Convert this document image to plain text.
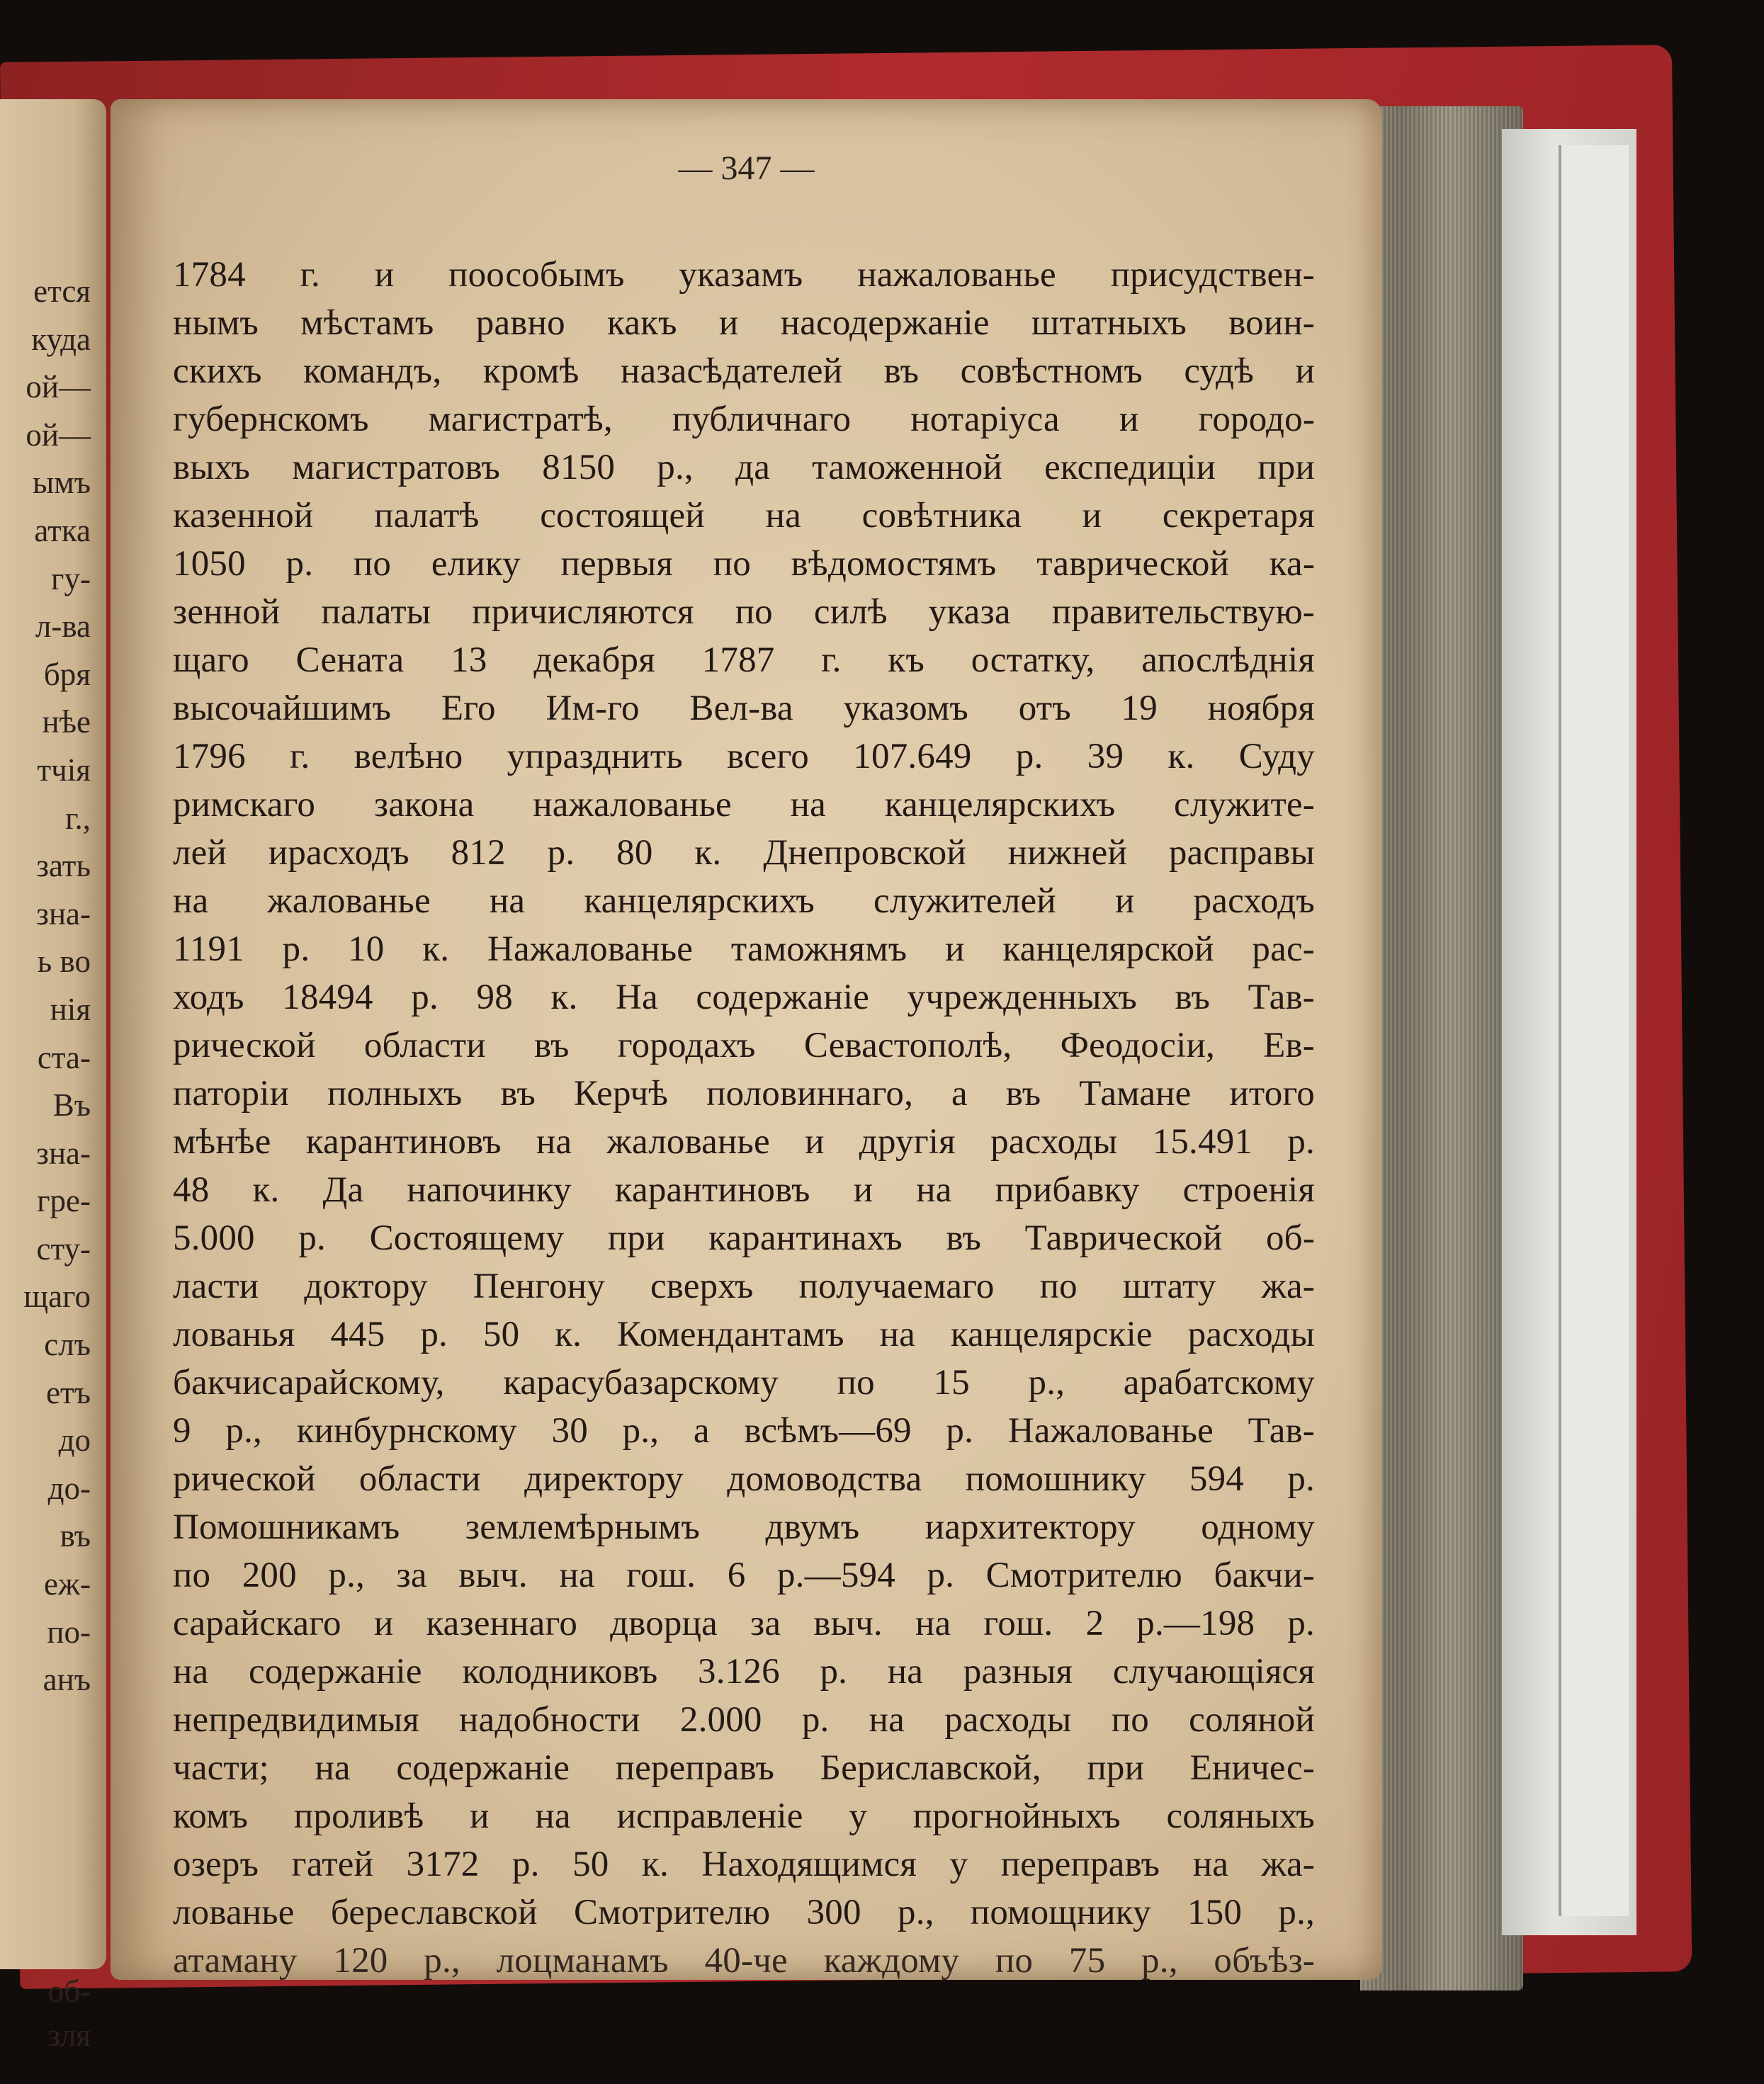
ется
куда
ой—
ой—
ымъ
атка
гу-
л-ва
бря
нѣе
тчія
г.,
зать
зна-
ь во
нія
ста-
Въ
зна-
гре-
сту-
щаго
слъ
етъ
до
до-
въ
еж-
по-
анъ
об-
зля
— 347 —
1784 г. и поособымъ указамъ нажалованье присудствен-
нымъ мѣстамъ равно какъ и насодержаніе штатныхъ воин-
скихъ командъ, кромѣ назасѣдателей въ совѣстномъ судѣ и
губернскомъ магистратѣ, публичнаго нотаріуса и городо-
выхъ магистратовъ 8150 р., да таможенной експедиціи при
казенной палатѣ состоящей на совѣтника и секретаря
1050 р. по елику первыя по вѣдомостямъ таврической ка-
зенной палаты причисляются по силѣ указа правительствую-
щаго Сената 13 декабря 1787 г. къ остатку, апослѣднія
высочайшимъ Его Им-го Вел-ва указомъ отъ 19 ноября
1796 г. велѣно упразднить всего 107.649 р. 39 к. Суду
римскаго закона нажалованье на канцелярскихъ служите-
лей ирасходъ 812 р. 80 к. Днепровской нижней расправы
на жалованье на канцелярскихъ служителей и расходъ
1191 р. 10 к. Нажалованье таможнямъ и канцелярской рас-
ходъ 18494 р. 98 к. На содержаніе учрежденныхъ въ Тав-
рической области въ городахъ Севастополѣ, Феодосіи, Ев-
паторіи полныхъ въ Керчѣ половиннаго, а въ Тамане итого
мѣнѣе карантиновъ на жалованье и другія расходы 15.491 р.
48 к. Да напочинку карантиновъ и на прибавку строенія
5.000 р. Состоящему при карантинахъ въ Таврической об-
ласти доктору Пенгону сверхъ получаемаго по штату жа-
лованья 445 р. 50 к. Комендантамъ на канцелярскіе расходы
бакчисарайскому, карасубазарскому по 15 р., арабатскому
9 р., кинбурнскому 30 р., а всѣмъ—69 р. Нажалованье Тав-
рической области директору домоводства помошнику 594 р.
Помошникамъ землемѣрнымъ двумъ иархитектору одному
по 200 р., за выч. на гош. 6 р.—594 р. Смотрителю бакчи-
сарайскаго и казеннаго дворца за выч. на гош. 2 р.—198 р.
на содержаніе колодниковъ 3.126 р. на разныя случающіяся
непредвидимыя надобности 2.000 р. на расходы по соляной
части; на содержаніе переправъ Бериславской, при Еничес-
комъ проливѣ и на исправленіе у прогнойныхъ соляныхъ
озеръ гатей 3172 р. 50 к. Находящимся у переправъ на жа-
лованье береславской Смотрителю 300 р., помощнику 150 р.,
атаману 120 р., лоцманамъ 40-че каждому по 75 р., объѣз-
